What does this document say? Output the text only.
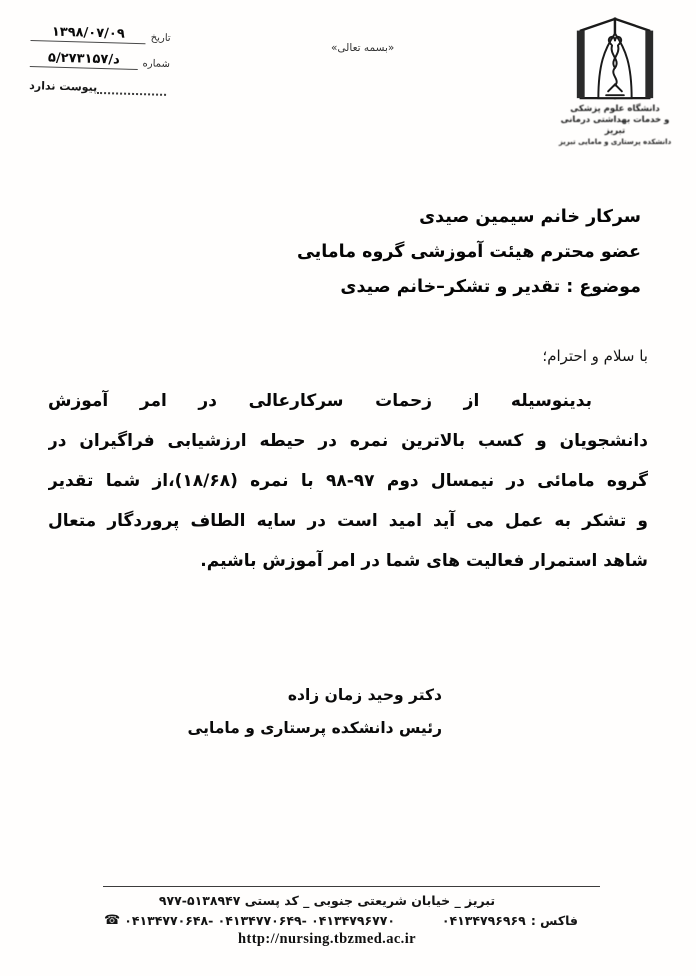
تاریخ
۱۳۹۸/۰۷/۰۹
شماره
۵/د/۲۷۳۱۵۷
پیوست ندارد
«بسمه تعالی»
دانشگاه علوم پزشکی
و خدمات بهداشتی درمانی تبریز
دانشکده پرستاری و مامایی تبریز
سرکار خانم سیمین صیدی
عضو محترم هیئت آموزشی گروه مامایی
موضوع : تقدیر و تشکر–خانم صیدی
با سلام و احترام؛
بدینوسیله از زحمات سرکارعالی در امر آموزش
دانشجویان و کسب بالاترین نمره در حیطه ارزشیابی فراگیران در
گروه مامائی در نیمسال دوم ۹۷-۹۸ با نمره (۱۸/۶۸)،از شما تقدیر
و تشکر به عمل می آید امید است در سایه الطاف پروردگار متعال
شاهد استمرار فعالیت های شما در امر آموزش باشیم.
دکتر وحید زمان زاده
رئیس دانشکده پرستاری و مامایی
تبریز _ خیابان شریعتی جنوبی _ کد پستی ۵۱۳۸۹۴۷-۹۷۷
☎ ۰۴۱۳۴۷۷۰۶۴۸- ۰۴۱۳۴۷۷۰۶۴۹- ۰۴۱۳۴۷۹۶۷۷۰	فاکس :
۰۴۱۳۴۷۹۶۹۶۹
http://nursing.tbzmed.ac.ir
